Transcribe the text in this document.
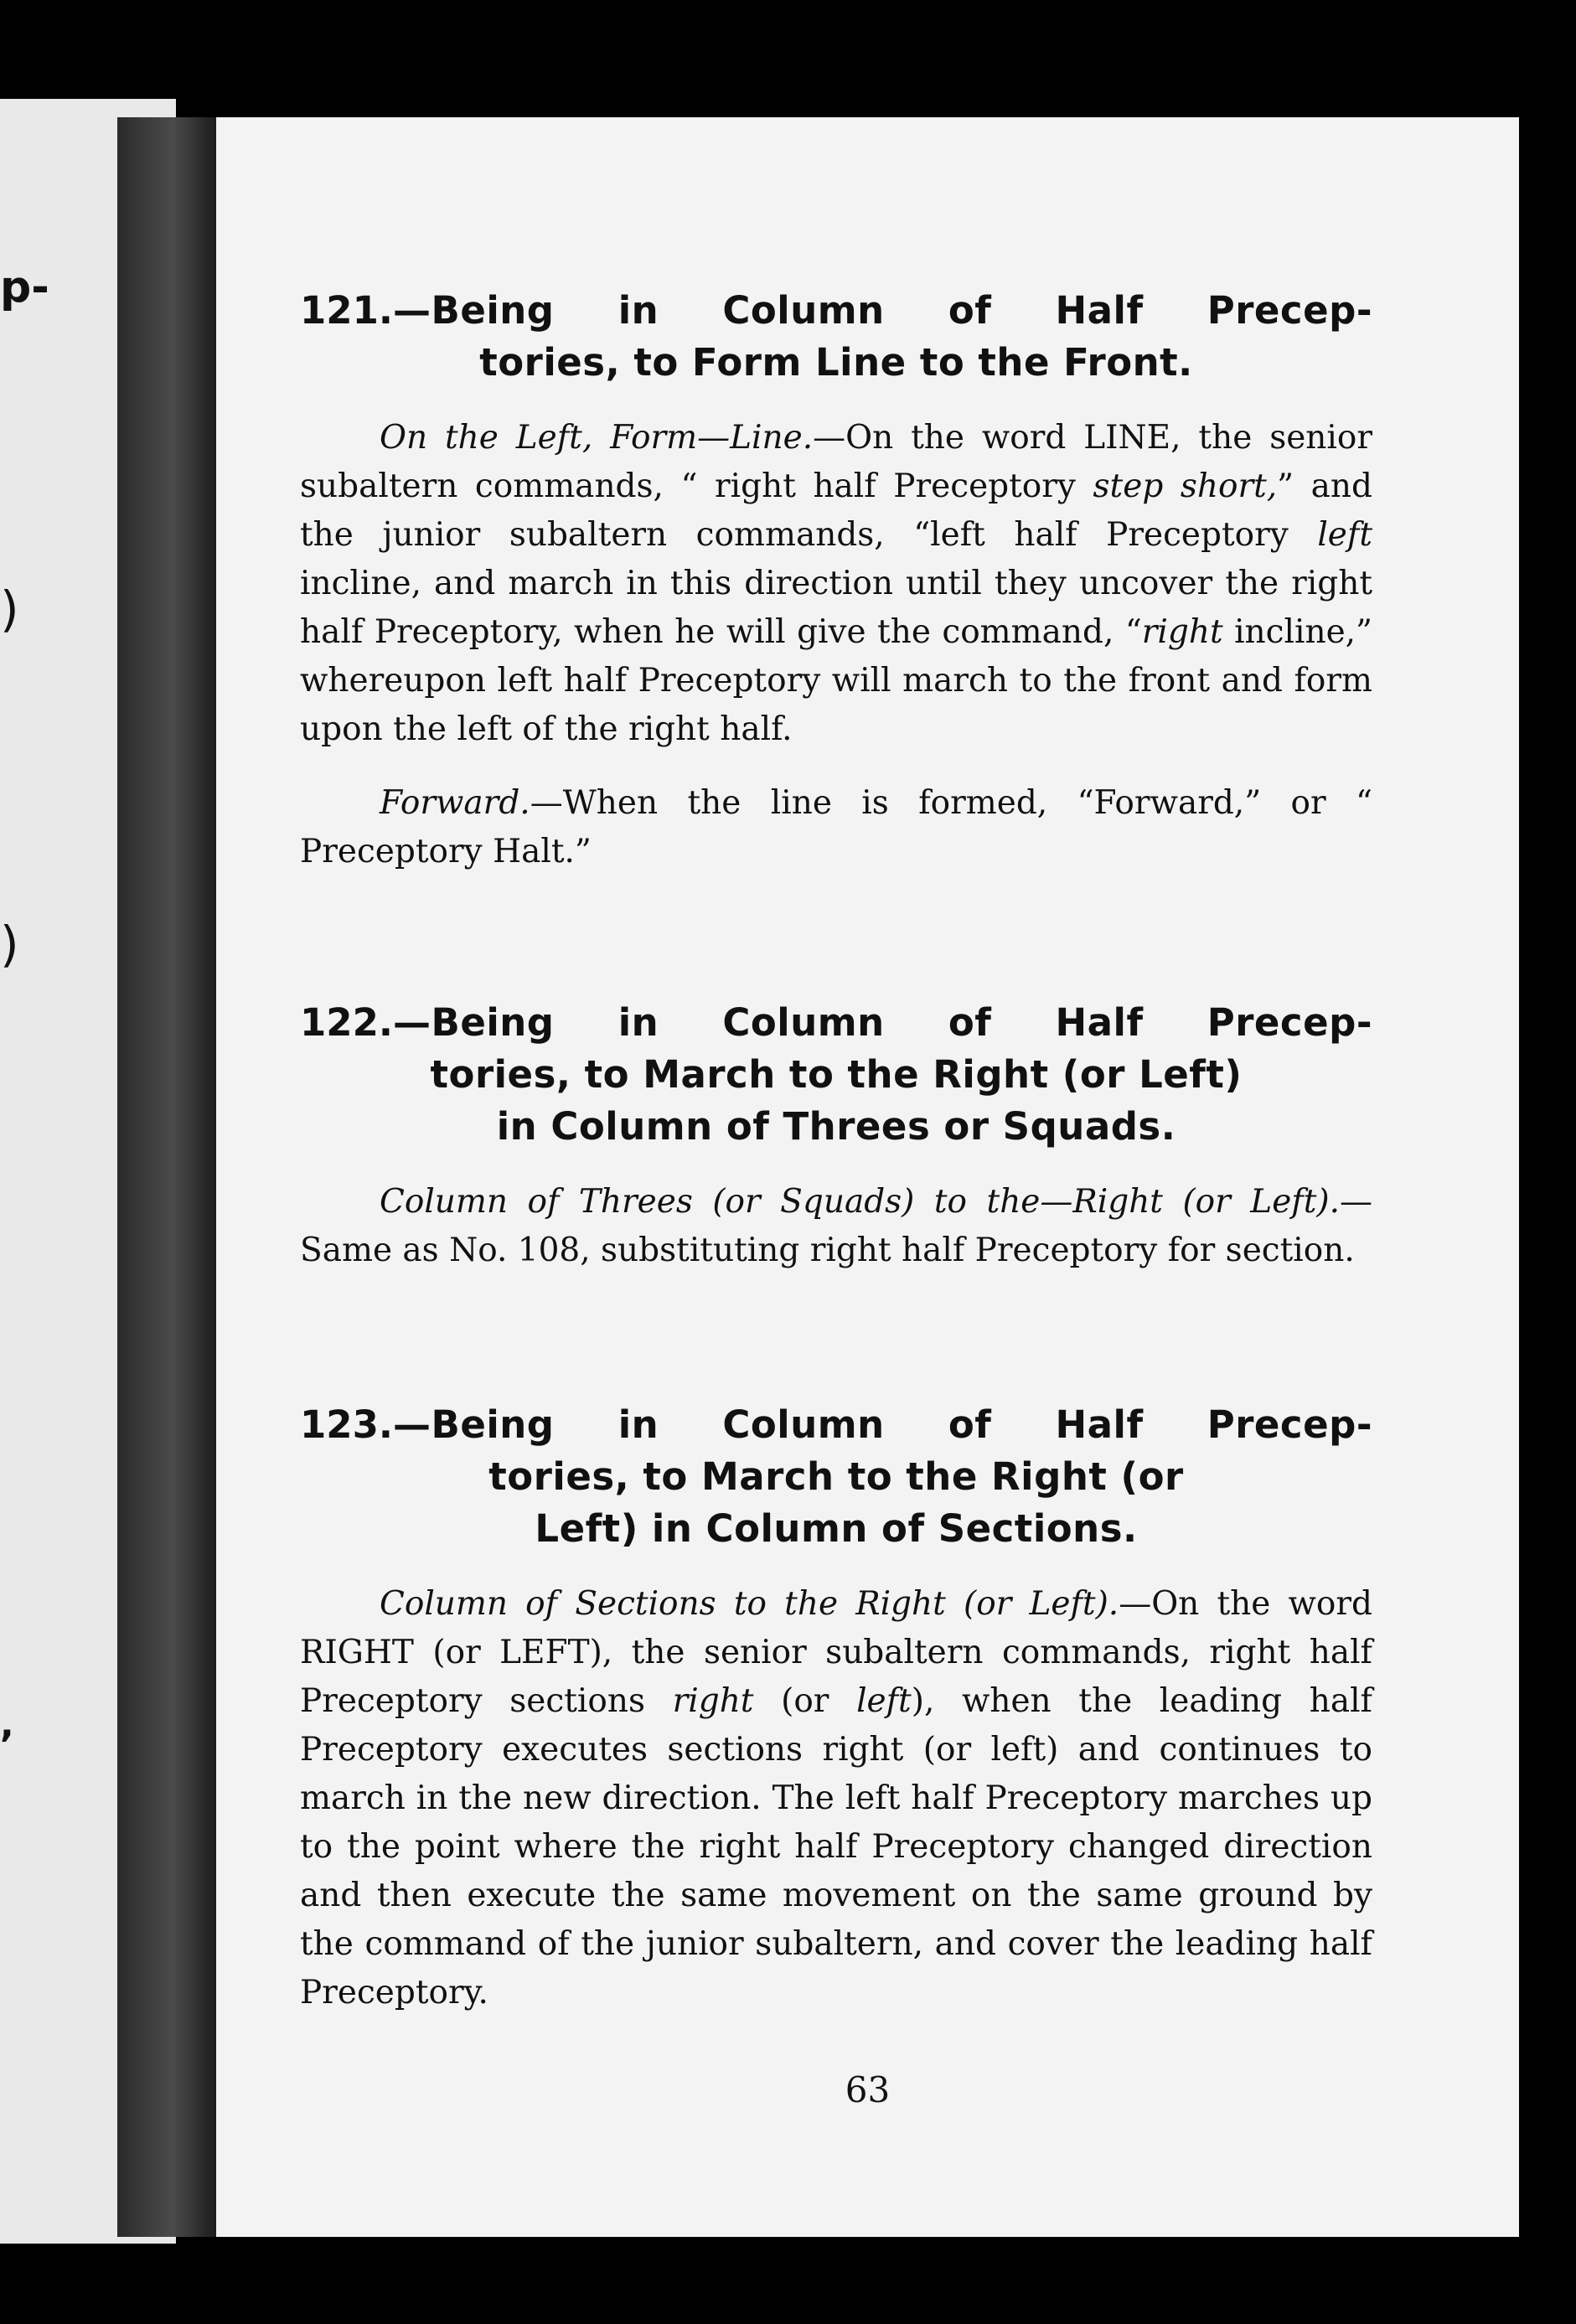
p-
)
)
,
121.—Being in Column of Half Precep-
tories, to Form Line to the Front.

On the Left, Form—Line.—On the word LINE, the senior subaltern commands, “ right half Preceptory step short,” and the junior subaltern commands, “left half Preceptory left incline, and march in this direction until they uncover the right half Preceptory, when he will give the command, “right incline,” whereupon left half Preceptory will march to the front and form upon the left of the right half.

Forward.—When the line is formed, “Forward,” or “ Preceptory Halt.”

122.—Being in Column of Half Precep-
tories, to March to the Right (or Left)
in Column of Threes or Squads.

Column of Threes (or Squads) to the—Right (or Left).—Same as No. 108, substituting right half Preceptory for section.

123.—Being in Column of Half Precep-
tories, to March to the Right (or
Left) in Column of Sections.

Column of Sections to the Right (or Left).—On the word RIGHT (or LEFT), the senior subaltern commands, right half Preceptory sections right (or left), when the leading half Preceptory executes sections right (or left) and continues to march in the new direction. The left half Preceptory marches up to the point where the right half Preceptory changed direction and then execute the same movement on the same ground by the command of the junior subaltern, and cover the leading half Preceptory.

63
